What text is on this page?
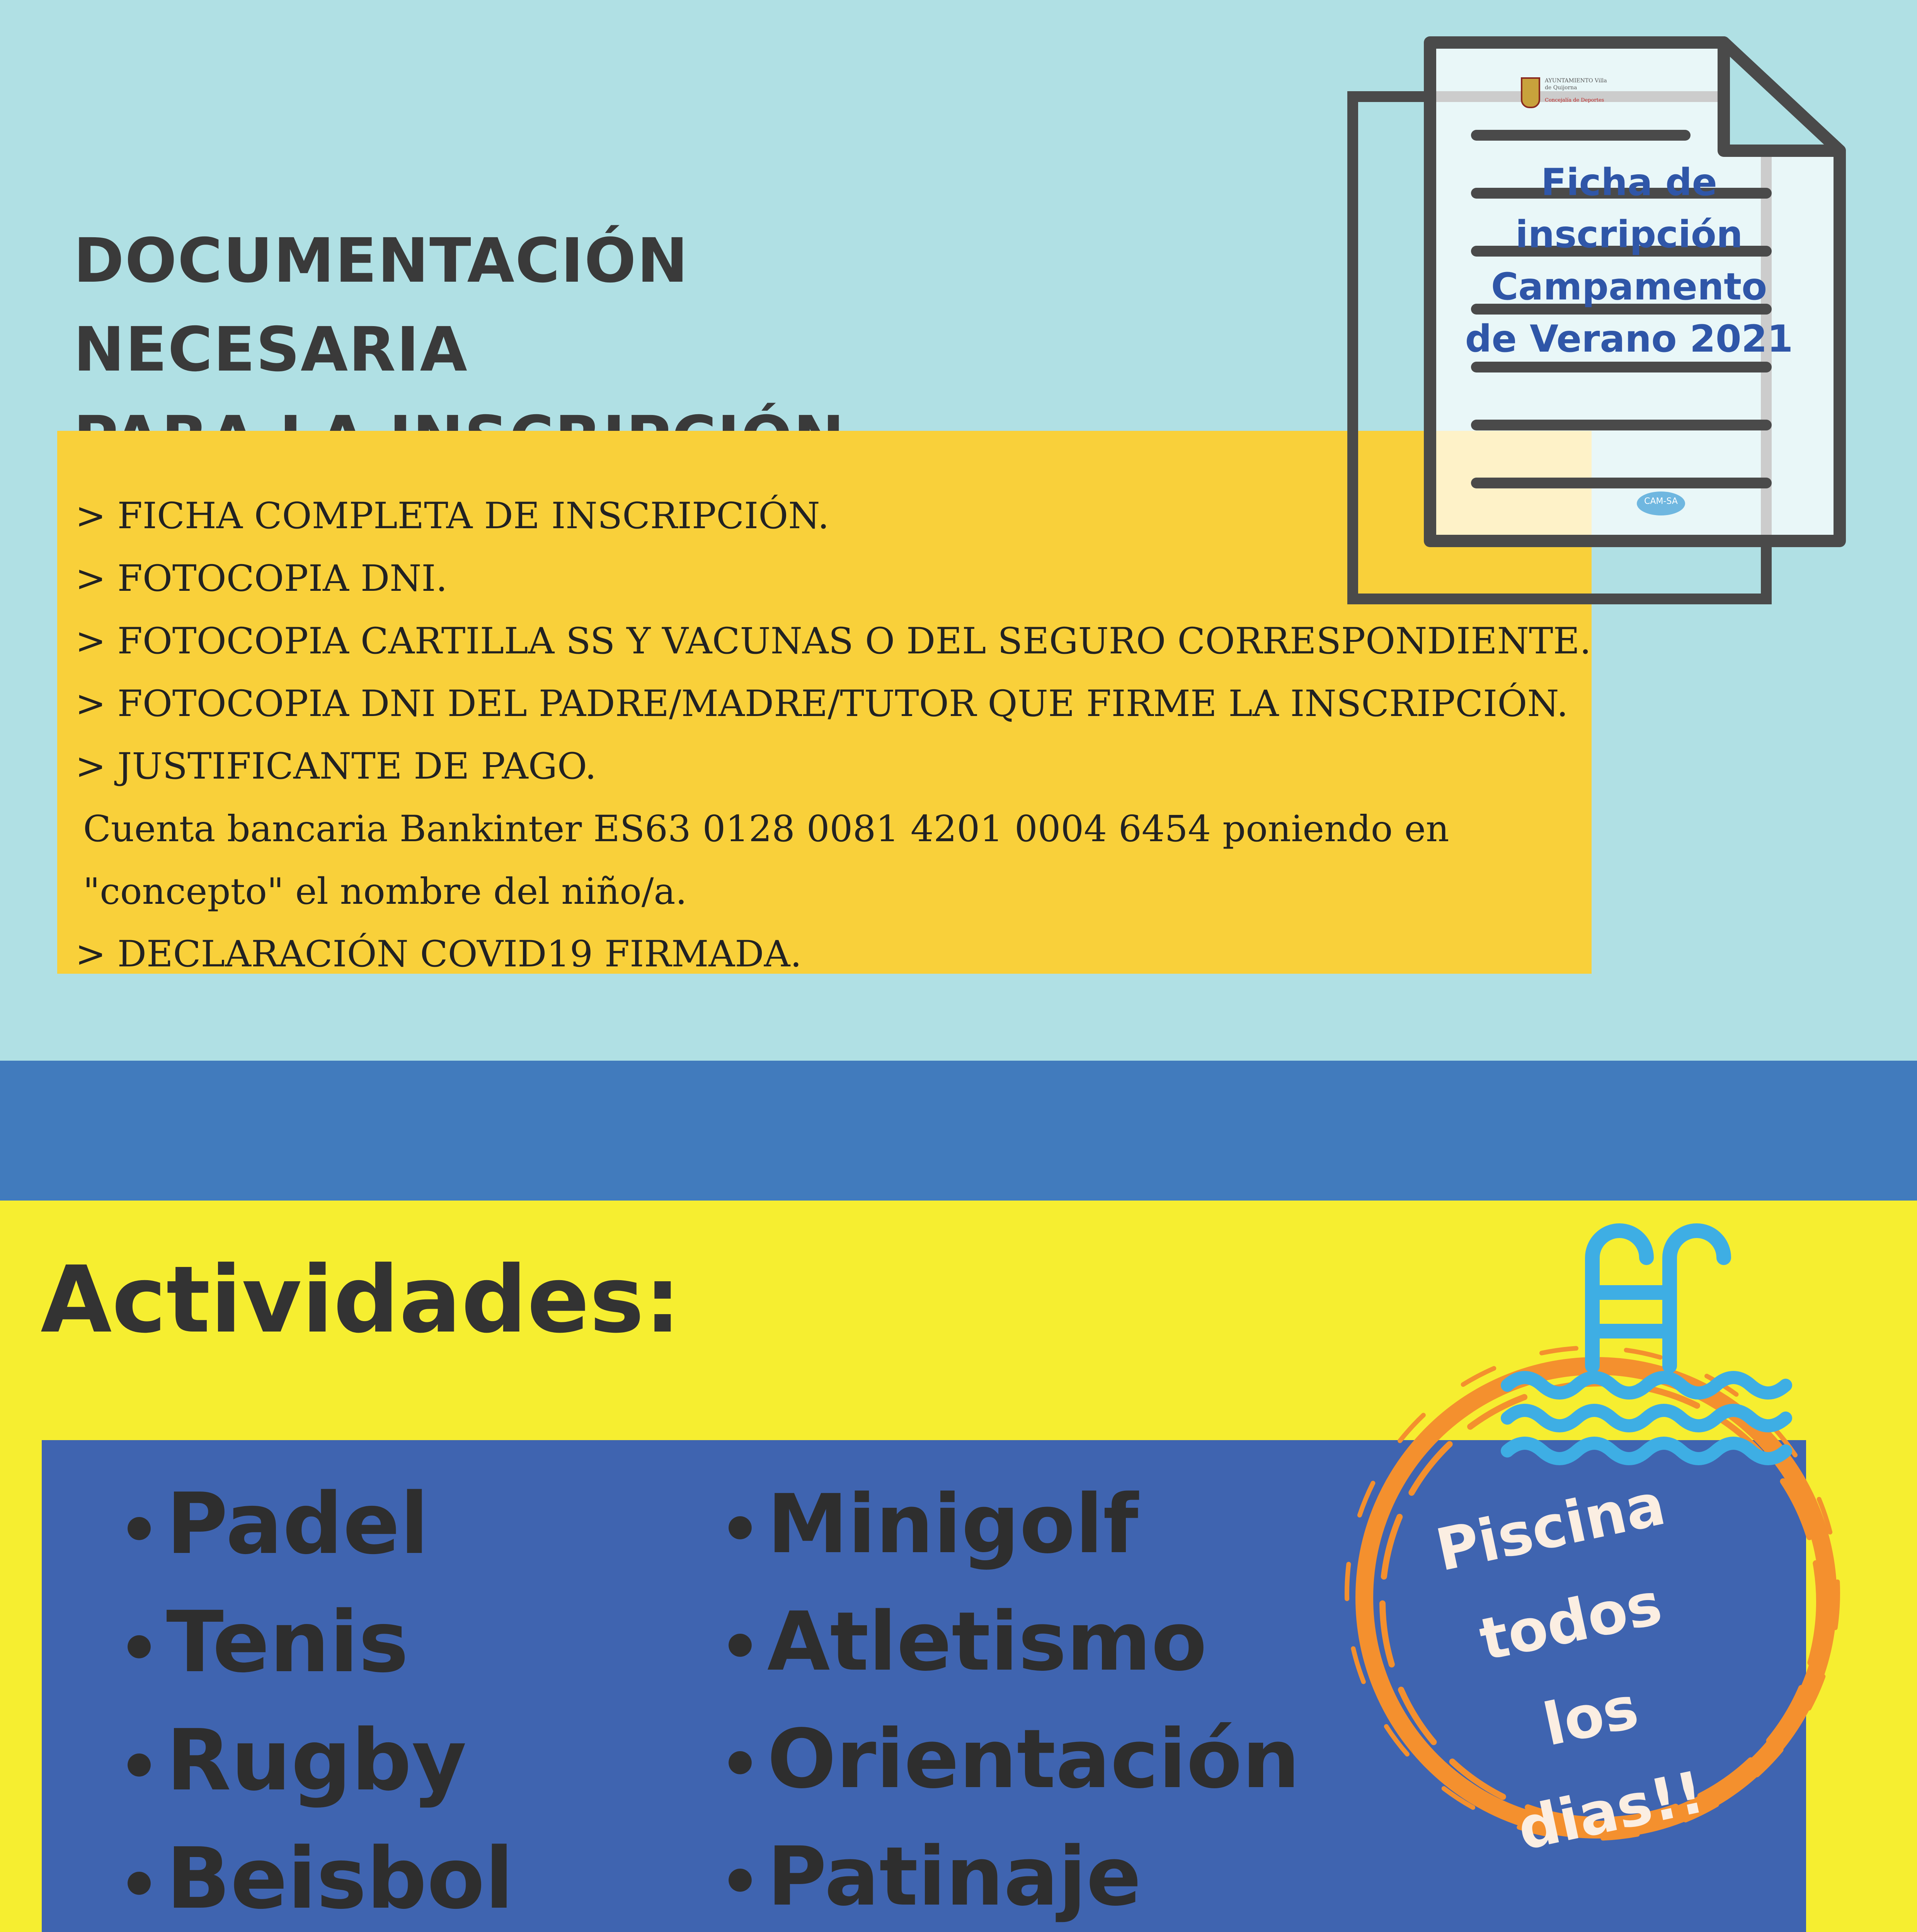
DOCUMENTACIÓN NECESARIA

> FICHA COMPLETA DE INSCRIPCIÓN.
> FOTOCOPIA DNI.
> FOTOCOPIA CARTILLA SS Y VACUNAS O DEL SEGURO CORRESPONDIENTE.
> FOTOCOPIA DNI DEL PADRE/MADRE/TUTOR QUE FIRME LA INSCRIPCIÓN.
> JUSTIFICANTE DE PAGO.
Cuenta bancaria Bankinter ES63 0128 0081 4201 0004 6454 poniendo en
"concepto" el nombre del niño/a.
> DECLARACIÓN COVID19 FIRMADA.

AYUNTAMIENTO Villa de Quijorna

Concejalía de Deportes

CAM-SA

Ficha de
inscripción
Campamento
de Verano 2021
Actividades:
• Padel
• Tenis
• Rugby
• Beisbol
• Minigolf
• Atletismo
• Orientación
• Patinaje

Piscina
todos
los
dias!!
